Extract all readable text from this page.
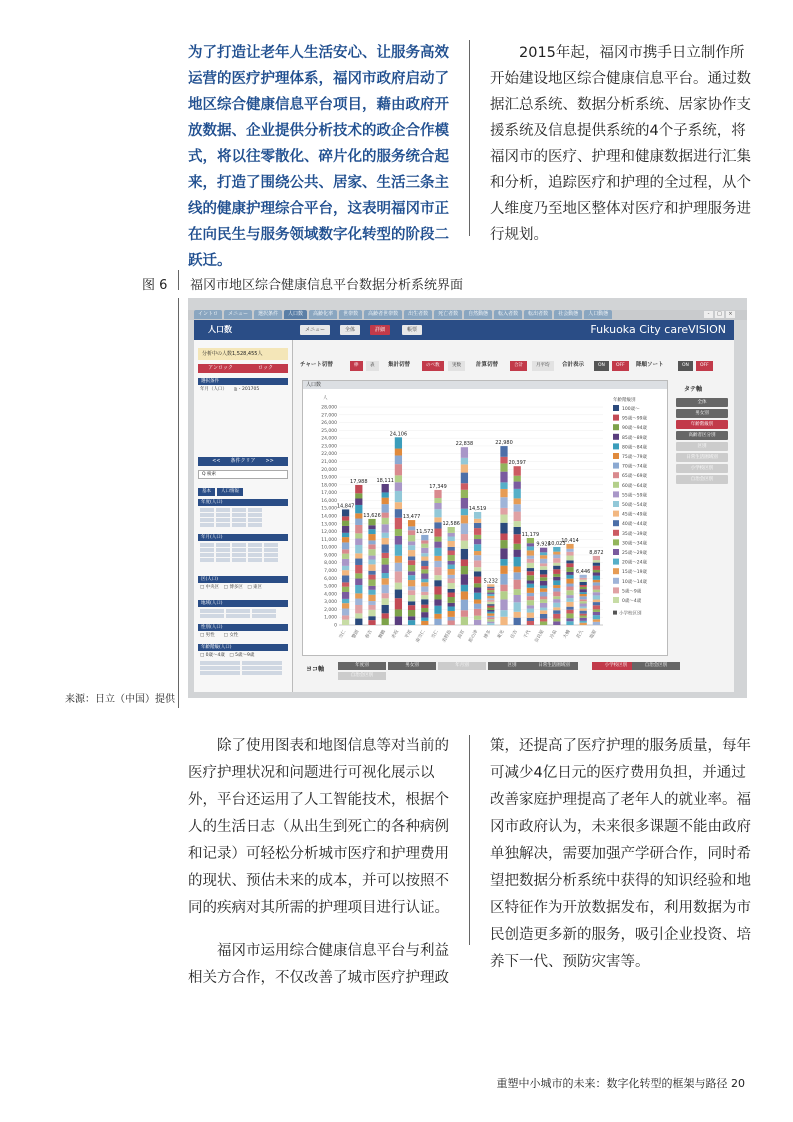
为了打造让老年人生活安心、让服务高效运营的医疗护理体系，福冈市政府启动了地区综合健康信息平台项目，藉由政府开放数据、企业提供分析技术的政企合作模式，将以往零散化、碎片化的服务统合起来，打造了围绕公共、居家、生活三条主线的健康护理综合平台，这表明福冈市正在向民生与服务领域数字化转型的阶段二跃迁。

2015年起，福冈市携手日立制作所开始建设地区综合健康信息平台。通过数据汇总系统、数据分析系统、居家协作支援系统及信息提供系统的4个子系统，将福冈市的医疗、护理和健康数据进行汇集和分析，追踪医疗和护理的全过程，从个人维度乃至地区整体对医疗和护理服务进行规划。

图 6 福冈市地区综合健康信息平台数据分析系统界面
来源：日立（中国）提供
イントロ	メニュー	選択条件	人口数	高齢化率	世帯数	高齢者世帯数	出生者数	死亡者数	自然動態	転入者数	転出者数	社会動態	人口動態	-	□	×
人口数	メニュー	全体	詳細	帳票	Fukuoka City careVISION
分析中の人数1,528,455人
アンロック	ロック
選択条件
年月（人口）　　≧・201705
<<　　条件クリア　　>>
Q 検索
基本	人口情報
年度(人口)
年月(人口)
区(人口)
□ 中央区　□ 博多区　□ 東区
地域(人口)
性別(人口)
□ 男性　　□ 女性
年齢階級(人口)
□ 0歳〜4歳　□ 5歳〜9歳
チャート切替	棒	表	集計切替	のべ数	実数	計算切替	合計	月平均	合計表示	ON	OFF	降順ソート	ON	OFF
人口数
人
0
1,000
2,000
3,000
4,000
5,000
6,000
7,000
8,000
9,000
10,000
11,000
12,000
13,000
14,000
15,000
16,000
17,000
18,000
19,000
20,000
21,000
22,000
23,000
24,000
25,000
26,000
27,000
28,000
14,847
当仁
17,988
警固
13,626
春吉
18,111
舞鶴
24,106
赤坂
13,477
平尾
11,572
南当仁
17,349
当仁
12,586
美野島
22,838
高宮
14,519
那の津
5,232
博多
22,980
東光
20,397
住吉
11,179
千代
9,928
奈良屋
10,023
冷泉
10,414
大楠
6,446
若久
8,872
塩原
年齢階級別
100歳〜
95歳〜99歳
90歳〜94歳
85歳〜89歳
80歳〜84歳
75歳〜79歳
70歳〜74歳
65歳〜69歳
60歳〜64歳
55歳〜59歳
50歳〜54歳
45歳〜49歳
40歳〜44歳
35歳〜39歳
30歳〜34歳
25歳〜29歳
20歳〜24歳
15歳〜19歳
10歳〜14歳
5歳〜9歳
0歳〜4歳
小学校区別
タテ軸
全体
男女別
年齢階級別
高齢者区分別
区別
日常生活圏域別
小学校区別
自治会区別
ヨコ軸
年度別	男女別	年月別	区別	日常生活圏域別	小学校区別	自治会区別
自治会区別

除了使用图表和地图信息等对当前的医疗护理状况和问题进行可视化展示以外，平台还运用了人工智能技术，根据个人的生活日志（从出生到死亡的各种病例和记录）可轻松分析城市医疗和护理费用的现状、预估未来的成本，并可以按照不同的疾病对其所需的护理项目进行认证。

福冈市运用综合健康信息平台与利益相关方合作，不仅改善了城市医疗护理政

策，还提高了医疗护理的服务质量，每年可减少4亿日元的医疗费用负担，并通过改善家庭护理提高了老年人的就业率。福冈市政府认为，未来很多课题不能由政府单独解决，需要加强产学研合作，同时希望把数据分析系统中获得的知识经验和地区特征作为开放数据发布，利用数据为市民创造更多新的服务，吸引企业投资、培养下一代、预防灾害等。

重塑中小城市的未来：数字化转型的框架与路径 20
